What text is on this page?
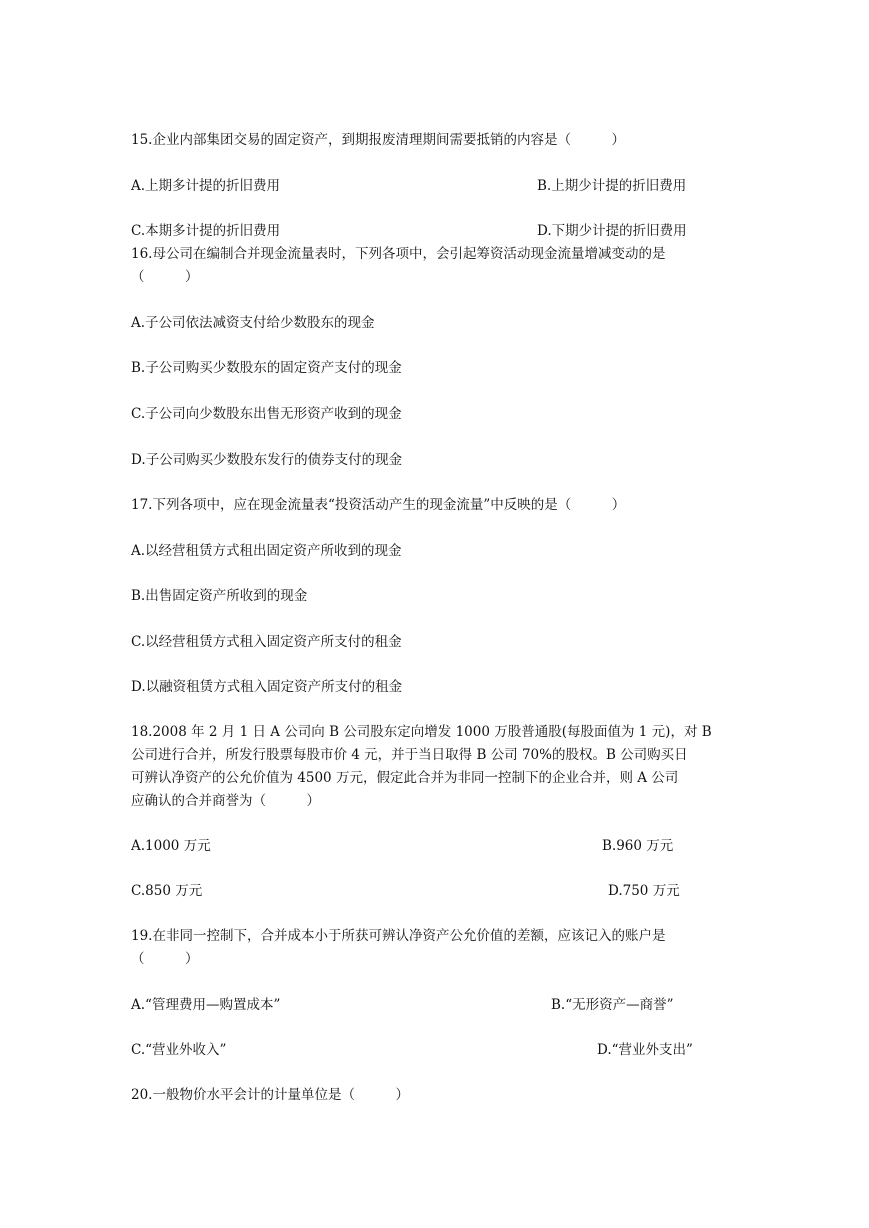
15.企业内部集团交易的固定资产，到期报废清理期间需要抵销的内容是（　　　）
A.上期多计提的折旧费用	B.上期少计提的折旧费用
C.本期多计提的折旧费用	D.下期少计提的折旧费用
16.母公司在编制合并现金流量表时，下列各项中，会引起筹资活动现金流量增减变动的是
（　　　）
A.子公司依法减资支付给少数股东的现金
B.子公司购买少数股东的固定资产支付的现金
C.子公司向少数股东出售无形资产收到的现金
D.子公司购买少数股东发行的债券支付的现金
17.下列各项中，应在现金流量表“投资活动产生的现金流量”中反映的是（　　　）
A.以经营租赁方式租出固定资产所收到的现金
B.出售固定资产所收到的现金
C.以经营租赁方式租入固定资产所支付的租金
D.以融资租赁方式租入固定资产所支付的租金
18.2008 年 2 月 1 日 A 公司向 B 公司股东定向增发 1000 万股普通股(每股面值为 1 元)，对 B
公司进行合并，所发行股票每股市价 4 元，并于当日取得 B 公司 70%的股权。B 公司购买日
可辨认净资产的公允价值为 4500 万元，假定此合并为非同一控制下的企业合并，则 A 公司
应确认的合并商誉为（　　　）
A.1000 万元	B.960 万元
C.850 万元	D.750 万元
19.在非同一控制下，合并成本小于所获可辨认净资产公允价值的差额，应该记入的账户是
（　　　）
A.“管理费用—购置成本”	B.“无形资产—商誉”
C.“营业外收入”	D.“营业外支出”
20.一般物价水平会计的计量单位是（　　　）
